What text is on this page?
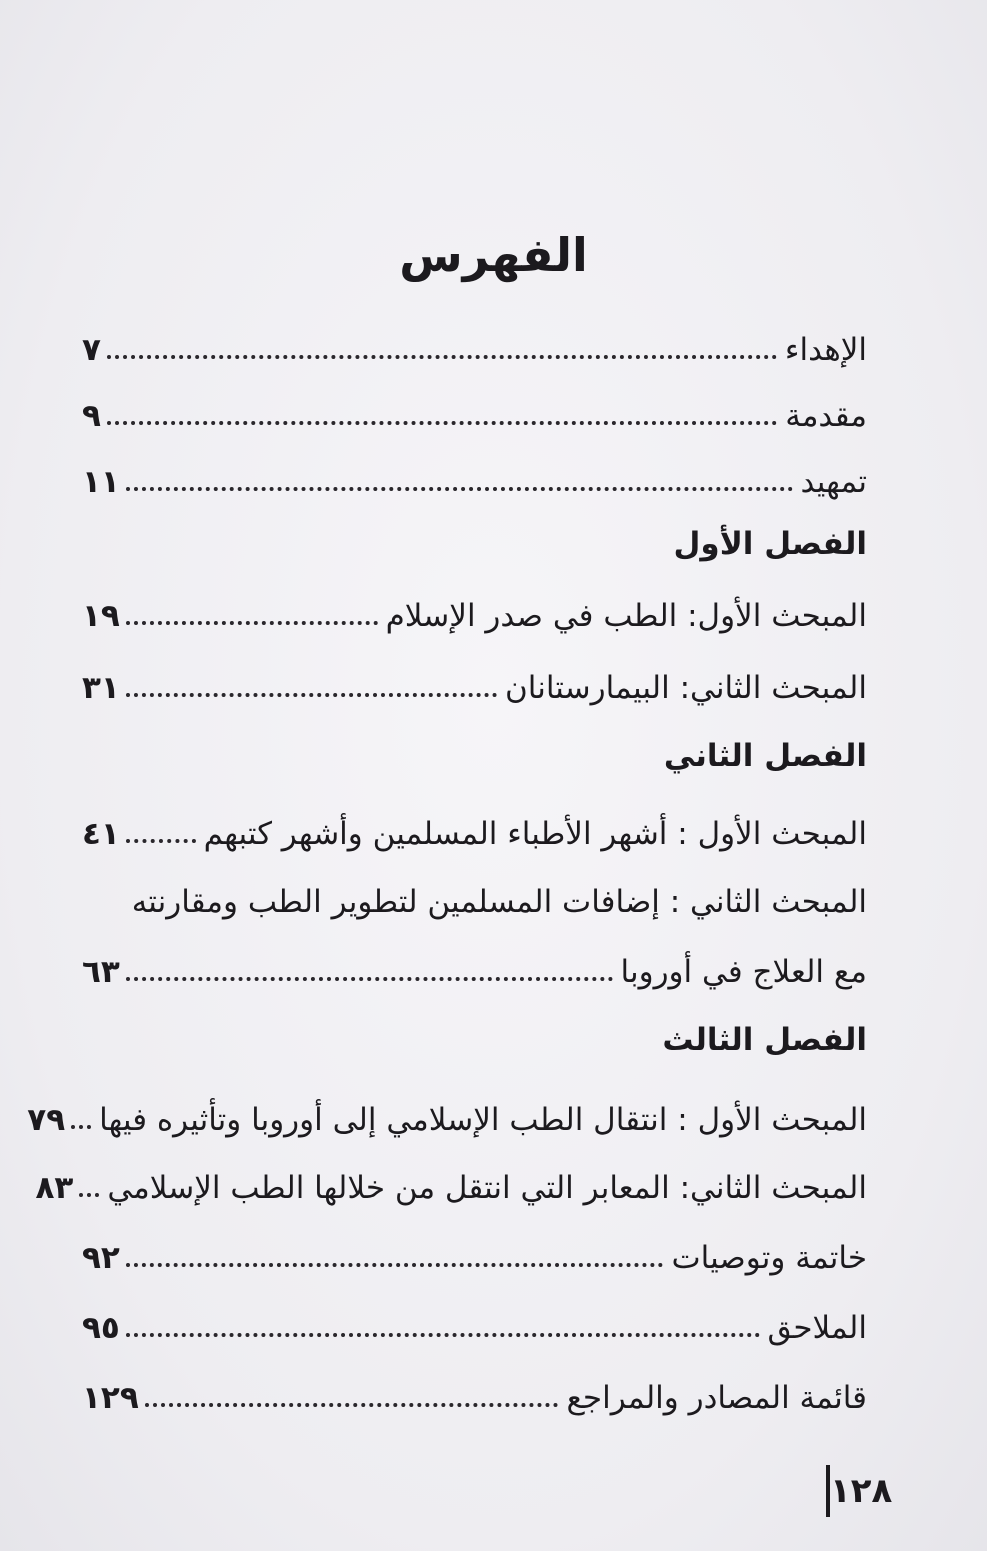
الفهرس
الإهداء
٧
مقدمة
٩
تمهيد
١١
الفصل الأول
المبحث الأول: الطب في صدر الإسلام
١٩
المبحث الثاني: البيمارستانان
٣١
الفصل الثاني
المبحث الأول : أشهر الأطباء المسلمين وأشهر كتبهم
٤١
المبحث الثاني : إضافات المسلمين لتطوير الطب ومقارنته
مع العلاج في أوروبا
٦٣
الفصل الثالث
المبحث الأول : انتقال الطب الإسلامي إلى أوروبا وتأثيره فيها
٧٩
المبحث الثاني: المعابر التي انتقل من خلالها الطب الإسلامي
٨٣
خاتمة وتوصيات
٩٢
الملاحق
٩٥
قائمة المصادر والمراجع
١٢٩
١٢٨
